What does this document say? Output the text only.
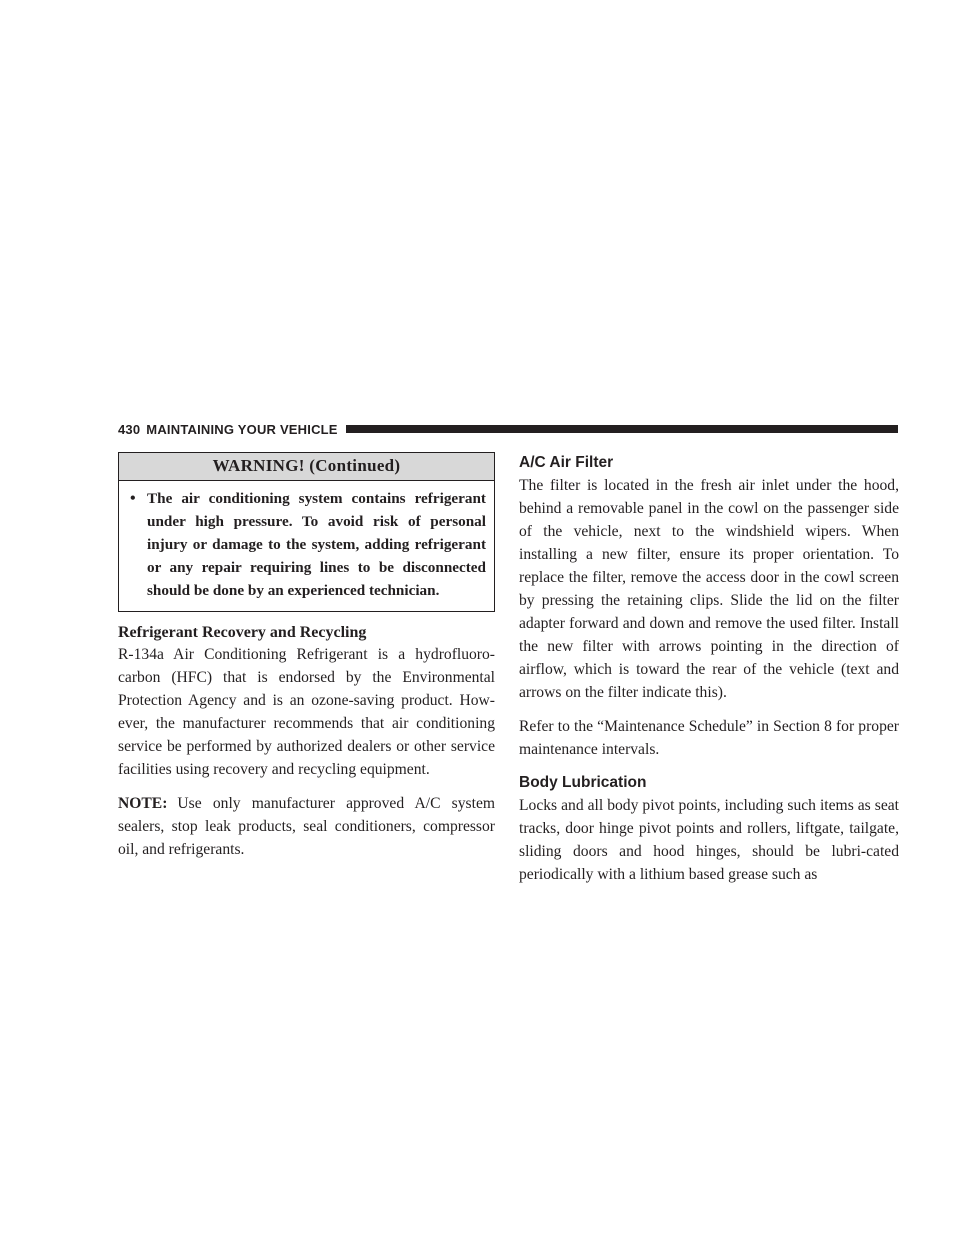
430 MAINTAINING YOUR VEHICLE
WARNING! (Continued)
• The air conditioning system contains refrigerant under high pressure. To avoid risk of personal injury or damage to the system, adding refrigerant or any repair requiring lines to be disconnected should be done by an experienced technician.
Refrigerant Recovery and Recycling

R-134a Air Conditioning Refrigerant is a hydrofluoro-carbon (HFC) that is endorsed by the Environmental Protection Agency and is an ozone-saving product. How-ever, the manufacturer recommends that air conditioning service be performed by authorized dealers or other service facilities using recovery and recycling equipment.

NOTE: Use only manufacturer approved A/C system sealers, stop leak products, seal conditioners, compressor oil, and refrigerants.

A/C Air Filter

The filter is located in the fresh air inlet under the hood, behind a removable panel in the cowl on the passenger side of the vehicle, next to the windshield wipers. When installing a new filter, ensure its proper orientation. To replace the filter, remove the access door in the cowl screen by pressing the retaining clips. Slide the lid on the filter adapter forward and down and remove the used filter. Install the new filter with arrows pointing in the direction of airflow, which is toward the rear of the vehicle (text and arrows on the filter indicate this).

Refer to the “Maintenance Schedule” in Section 8 for proper maintenance intervals.

Body Lubrication

Locks and all body pivot points, including such items as seat tracks, door hinge pivot points and rollers, liftgate, tailgate, sliding doors and hood hinges, should be lubri-cated periodically with a lithium based grease such as
